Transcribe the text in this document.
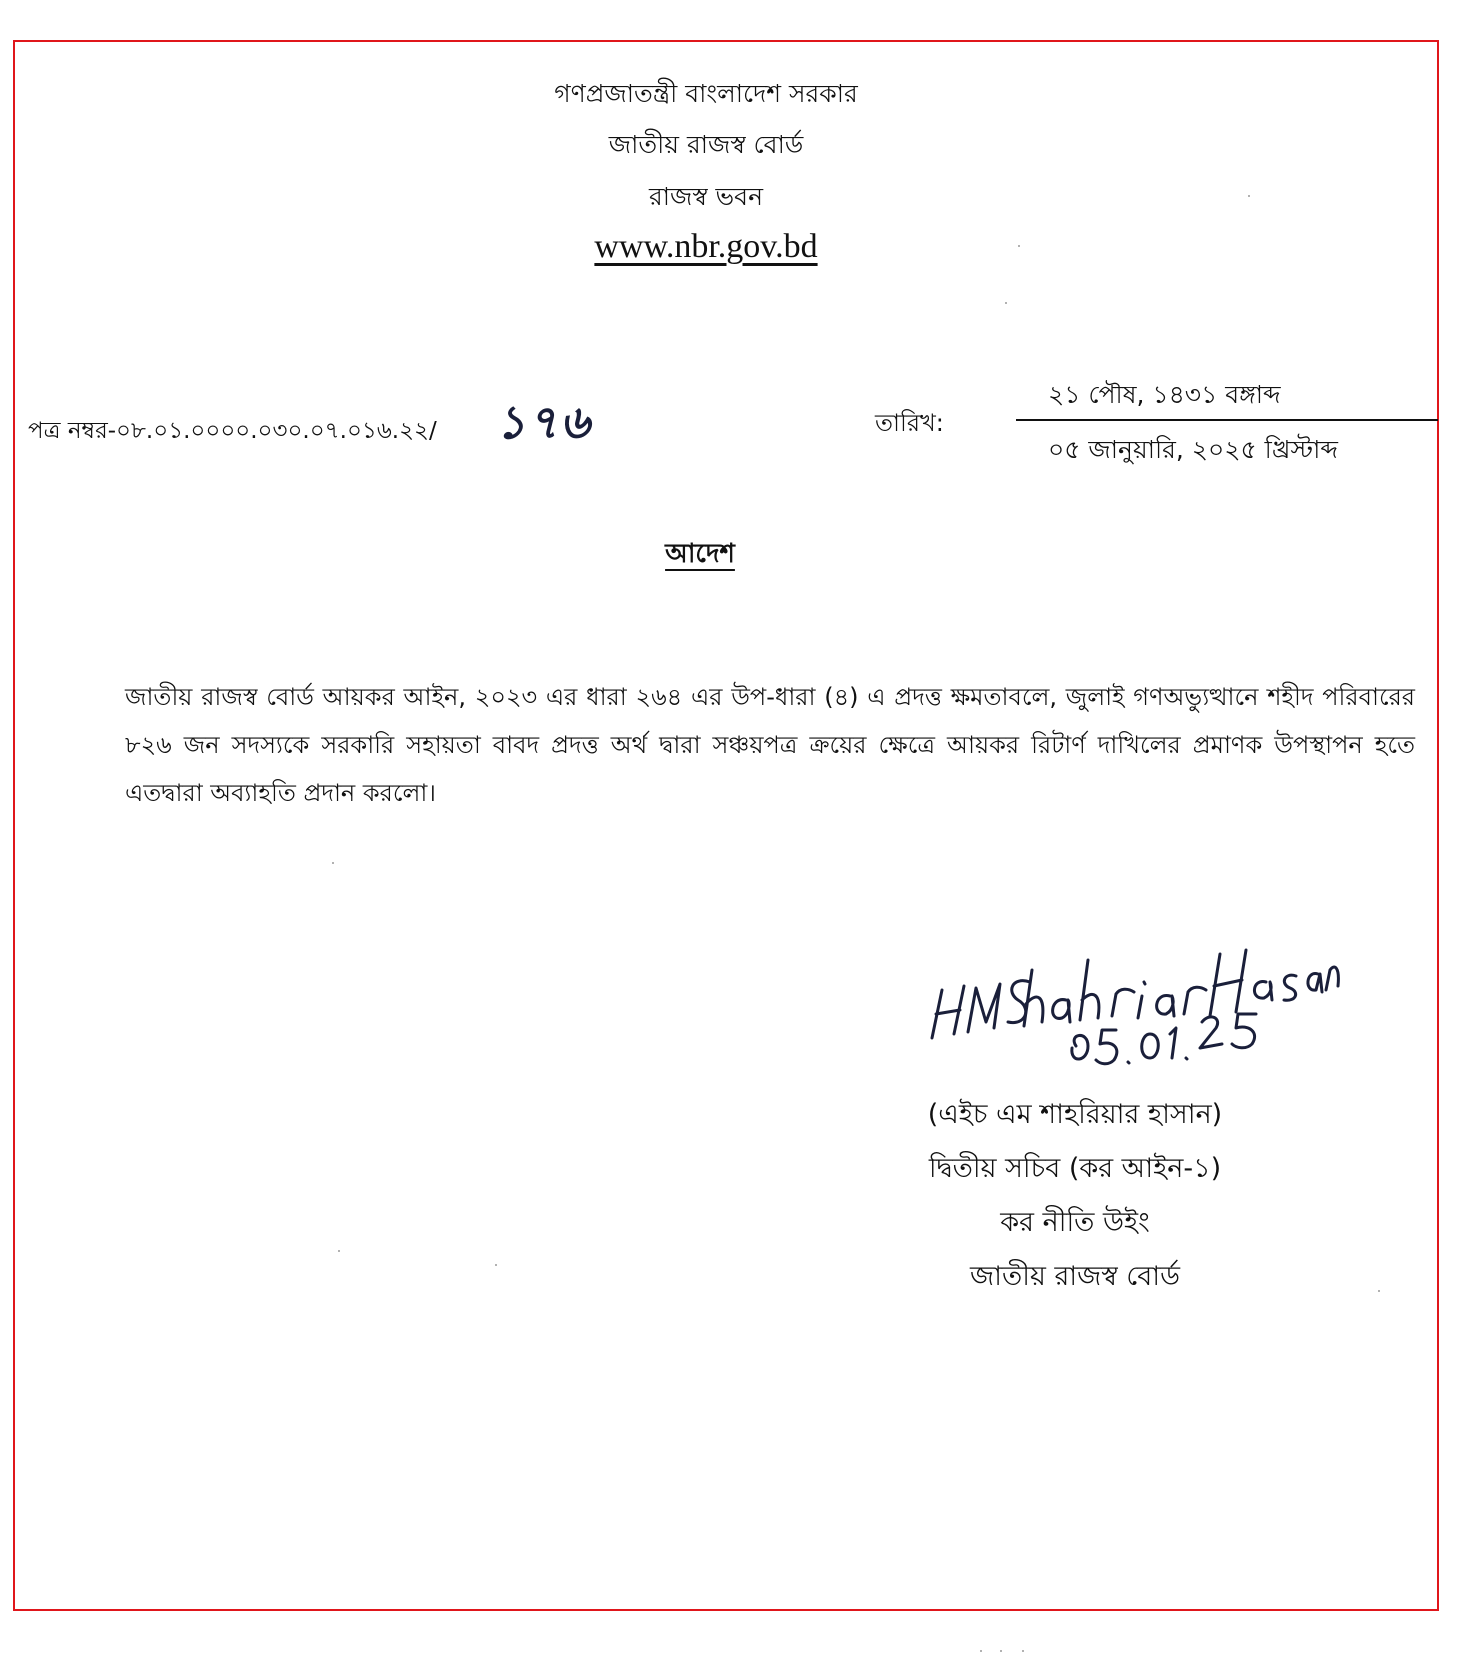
গণপ্রজাতন্ত্রী বাংলাদেশ সরকার
জাতীয় রাজস্ব বোর্ড
রাজস্ব ভবন
www.nbr.gov.bd
পত্র নম্বর-০৮.০১.০০০০.০৩০.০৭.০১৬.২২/ ১৭৬	তারিখ:
২১ পৌষ, ১৪৩১ বঙ্গাব্দ
০৫ জানুয়ারি, ২০২৫ খ্রিস্টাব্দ
আদেশ
জাতীয় রাজস্ব বোর্ড আয়কর আইন, ২০২৩ এর ধারা ২৬৪ এর উপ-ধারা (৪) এ প্রদত্ত ক্ষমতাবলে, জুলাই গণঅভ্যুত্থানে শহীদ পরিবারের ৮২৬ জন সদস্যকে সরকারি সহায়তা বাবদ প্রদত্ত অর্থ দ্বারা সঞ্চয়পত্র ক্রয়ের ক্ষেত্রে আয়কর রিটার্ণ দাখিলের প্রমাণক উপস্থাপন হতে এতদ্বারা অব্যাহতি প্রদান করলো।
(এইচ এম শাহরিয়ার হাসান)
দ্বিতীয় সচিব (কর আইন-১)
কর নীতি উইং
জাতীয় রাজস্ব বোর্ড
